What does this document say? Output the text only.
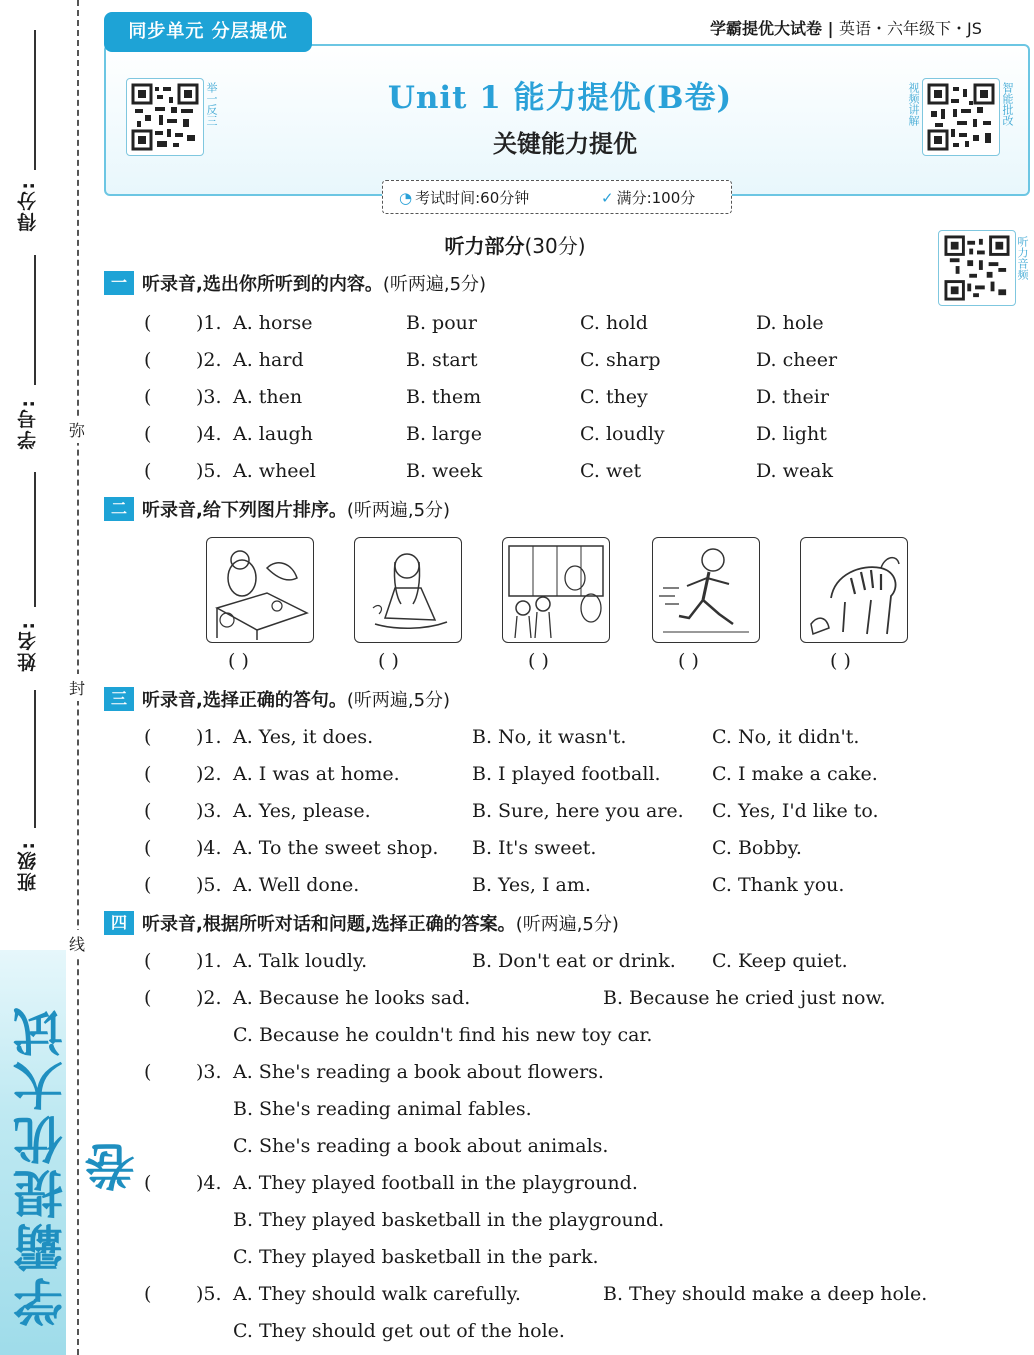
得分:
学号:
姓名:
班级:
弥
封
线
学霸提优大试卷
同步单元 分层提优	学霸提优大试卷 | 英语・六年级下・JS
举一反三	视频讲解	智能批改
Unit 1 能力提优(B卷)
关键能力提优
◔ 考试时间:60分钟	✓ 满分:100分
听力音频
听力部分(30分)
一 听录音,选出你所听到的内容。(听两遍,5分)
( )1. A. horse	B. pour	C. hold	D. hole
( )2. A. hard	B. start	C. sharp	D. cheer
( )3. A. then	B. them	C. they	D. their
( )4. A. laugh	B. large	C. loudly	D. light
( )5. A. wheel	B. week	C. wet	D. weak
二 听录音,给下列图片排序。(听两遍,5分)
( )	( )	( )	( )	( )
三 听录音,选择正确的答句。(听两遍,5分)
( )1. A. Yes, it does.	B. No, it wasn't.	C. No, it didn't.
( )2. A. I was at home.	B. I played football.	C. I make a cake.
( )3. A. Yes, please.	B. Sure, here you are. C. Yes, I'd like to.
( )4. A. To the sweet shop. B. It's sweet.	C. Bobby.
( )5. A. Well done.	B. Yes, I am.	C. Thank you.
四 听录音,根据所听对话和问题,选择正确的答案。(听两遍,5分)
( )1. A. Talk loudly.	B. Don't eat or drink. C. Keep quiet.
( )2. A. Because he looks sad.	B. Because he cried just now.
C. Because he couldn't find his new toy car.
( )3. A. She's reading a book about flowers.
B. She's reading animal fables.
C. She's reading a book about animals.
( )4. A. They played football in the playground.
B. They played basketball in the playground.
C. They played basketball in the park.
( )5. A. They should walk carefully.	B. They should make a deep hole.
C. They should get out of the hole.
